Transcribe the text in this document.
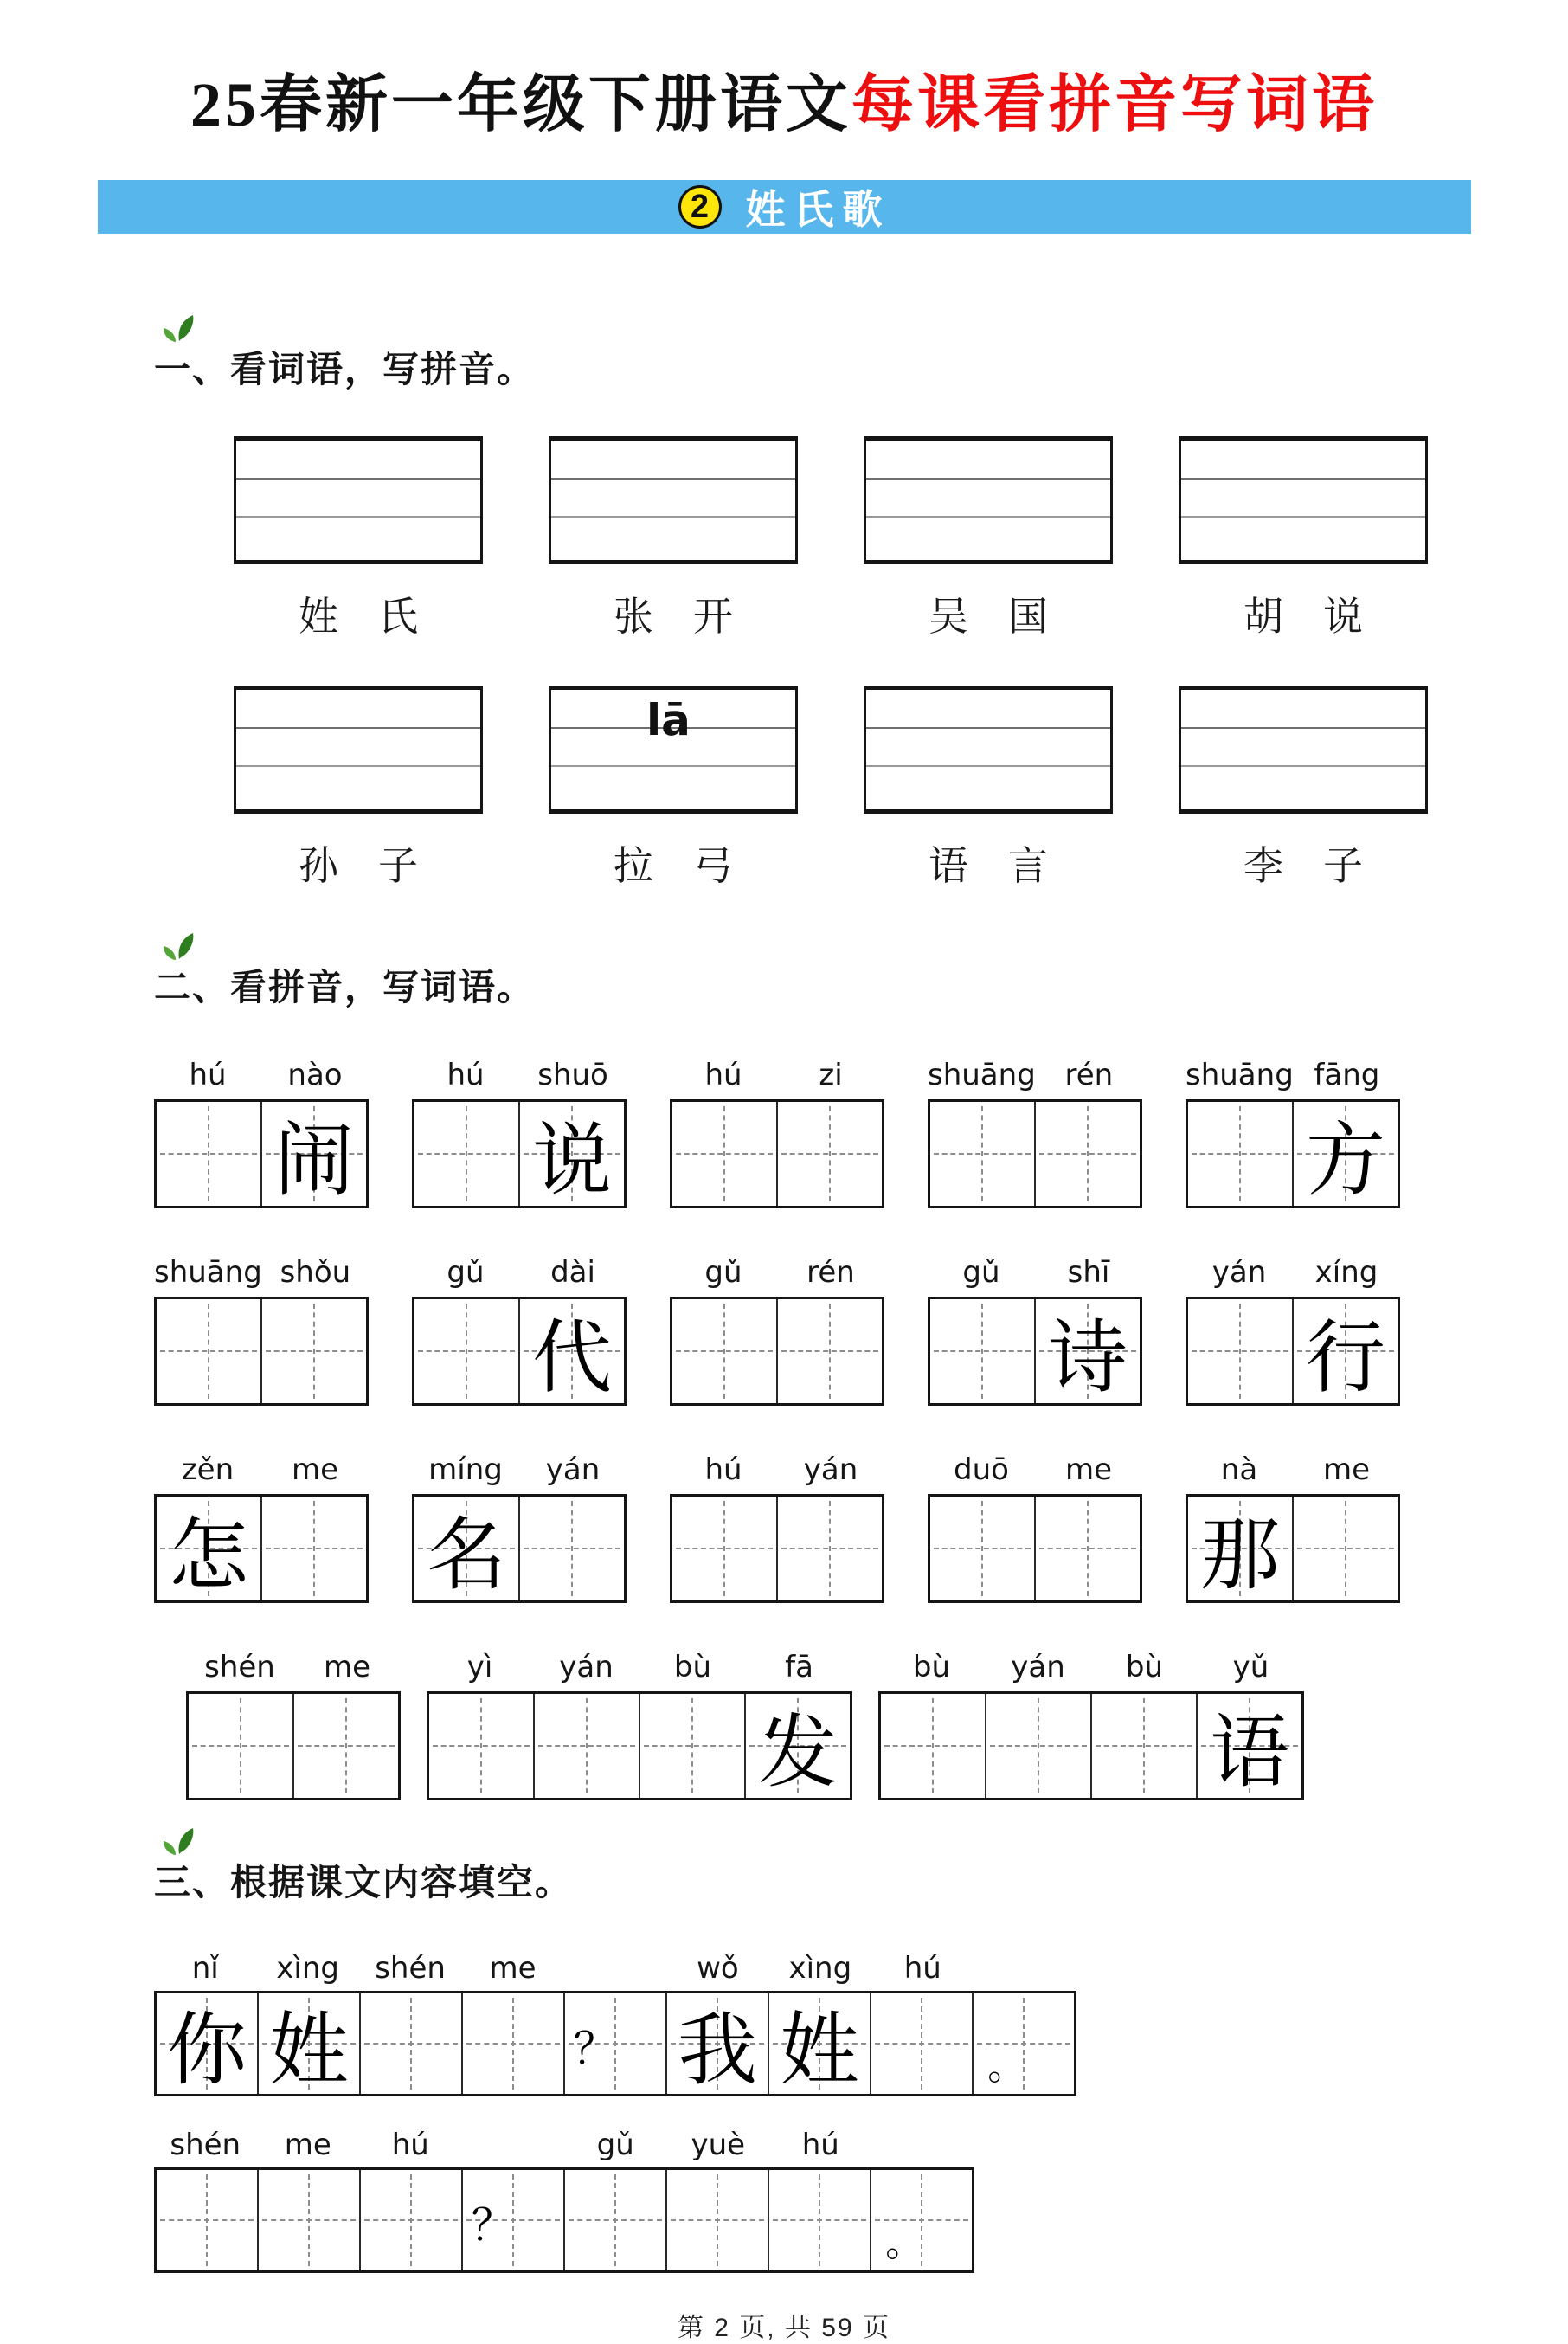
25春新一年级下册语文每课看拼音写词语
2 姓氏歌
一、看词语，写拼音。
姓　氏	张　开	吴　国	胡　说
孙　子
lā
拉　弓	语　言	李　子
二、看拼音，写词语。
hú	nào
闹
hú	shuō
说
hú	zi	shuāng rén	shuāng fāng
方
shuāng shǒu	gǔ	dài
代
gǔ	rén	gǔ	shī
诗
yán	xíng
行
zěn	me
怎
míng	yán
名
hú	yán	duō	me	nà	me
那
shén	me	yì	yán	bù	fā
发
bù	yán	bù	yǔ
语
三、根据课文内容填空。
nǐ	xìng	shén	me	wǒ	xìng	hú
你 姓	？ 我 姓	。
shén	me	hú	gǔ	yuè	hú
？	。
第 2 页, 共 59 页
